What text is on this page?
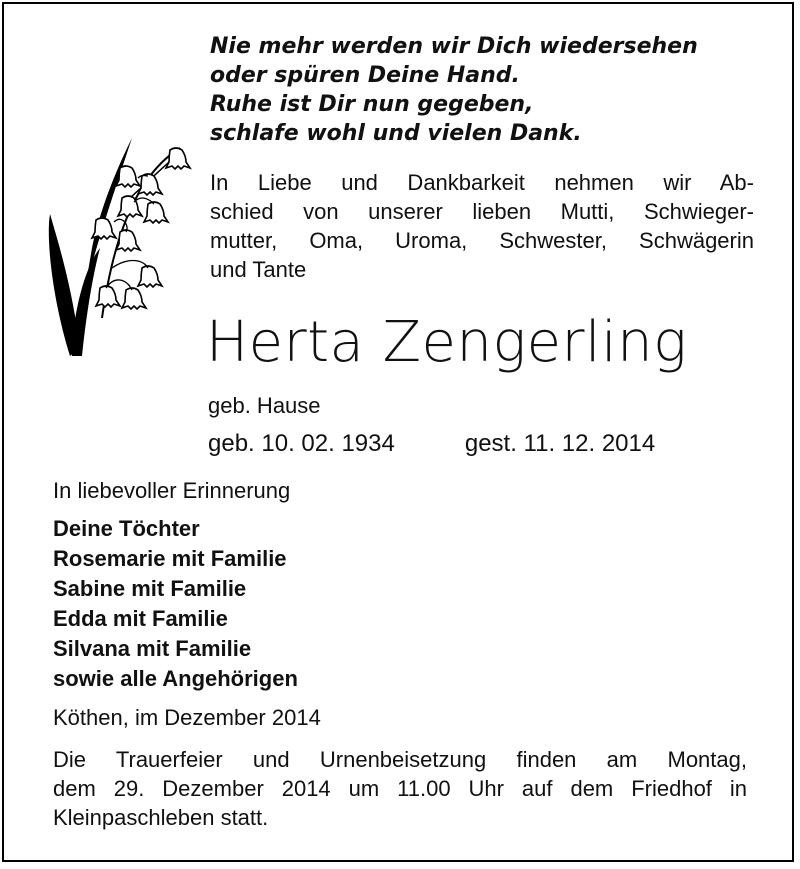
Nie mehr werden wir Dich wiedersehen
oder spüren Deine Hand.
Ruhe ist Dir nun gegeben,
schlafe wohl und vielen Dank.
In Liebe und Dankbarkeit nehmen wir Ab-
schied von unserer lieben Mutti, Schwieger-
mutter, Oma, Uroma, Schwester, Schwägerin
und Tante
Herta Zengerling
geb. Hause
geb. 10. 02. 1934	gest. 11. 12. 2014
In liebevoller Erinnerung
Deine Töchter
Rosemarie mit Familie
Sabine mit Familie
Edda mit Familie
Silvana mit Familie
sowie alle Angehörigen
Köthen, im Dezember 2014
Die Trauerfeier und Urnenbeisetzung finden am Montag,
dem 29. Dezember 2014 um 11.00 Uhr auf dem Friedhof in
Kleinpaschleben statt.
